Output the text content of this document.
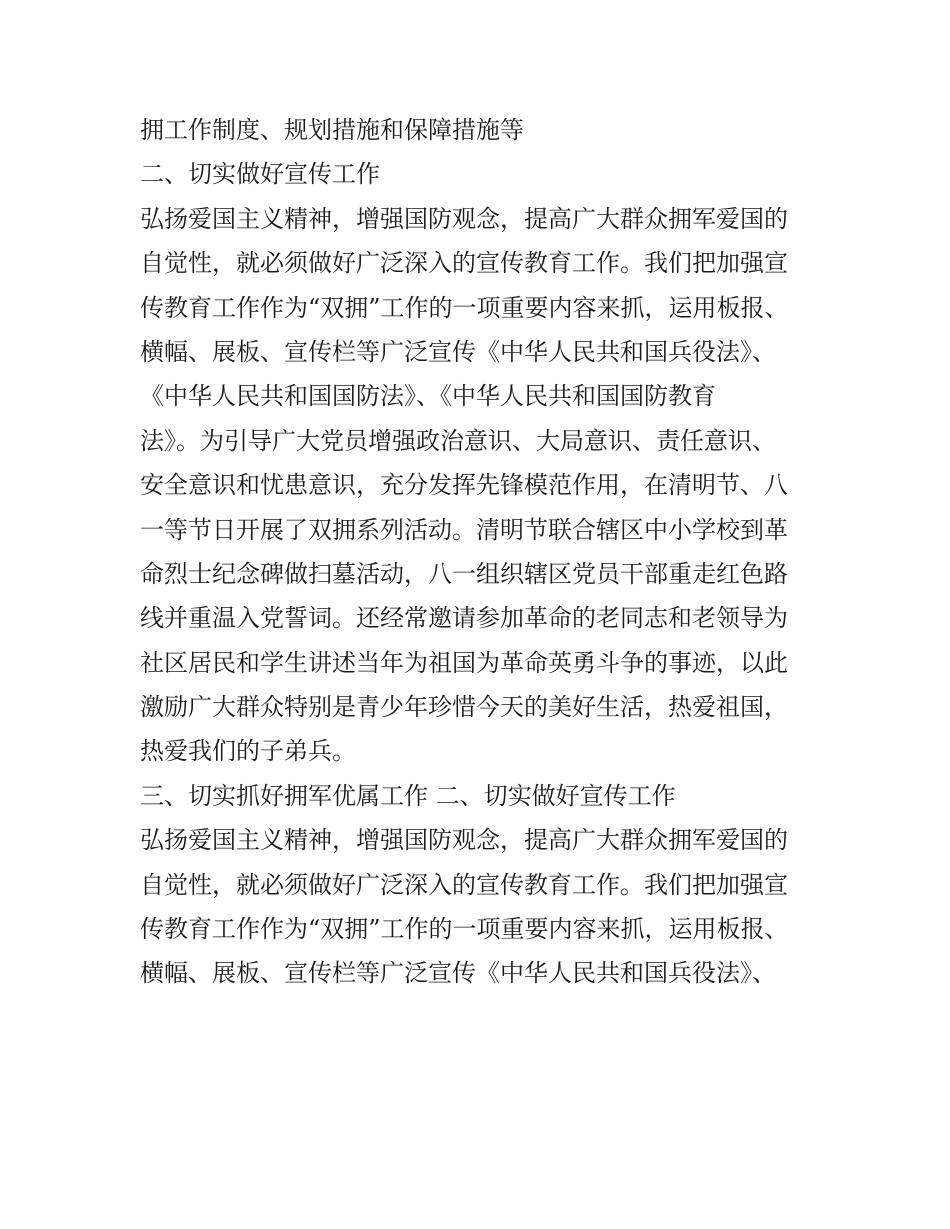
拥工作制度、规划措施和保障措施等
二、切实做好宣传工作
弘扬爱国主义精神，增强国防观念，提高广大群众拥军爱国的
自觉性，就必须做好广泛深入的宣传教育工作。我们把加强宣
传教育工作作为“双拥”工作的一项重要内容来抓，运用板报、
横幅、展板、宣传栏等广泛宣传《中华人民共和国兵役法》、
《中华人民共和国国防法》、《中华人民共和国国防教育
法》。为引导广大党员增强政治意识、大局意识、责任意识、
安全意识和忧患意识，充分发挥先锋模范作用，在清明节、八
一等节日开展了双拥系列活动。清明节联合辖区中小学校到革
命烈士纪念碑做扫墓活动，八一组织辖区党员干部重走红色路
线并重温入党誓词。还经常邀请参加革命的老同志和老领导为
社区居民和学生讲述当年为祖国为革命英勇斗争的事迹，以此
激励广大群众特别是青少年珍惜今天的美好生活，热爱祖国，
热爱我们的子弟兵。
三、切实抓好拥军优属工作 二、切实做好宣传工作
弘扬爱国主义精神，增强国防观念，提高广大群众拥军爱国的
自觉性，就必须做好广泛深入的宣传教育工作。我们把加强宣
传教育工作作为“双拥”工作的一项重要内容来抓，运用板报、
横幅、展板、宣传栏等广泛宣传《中华人民共和国兵役法》、
